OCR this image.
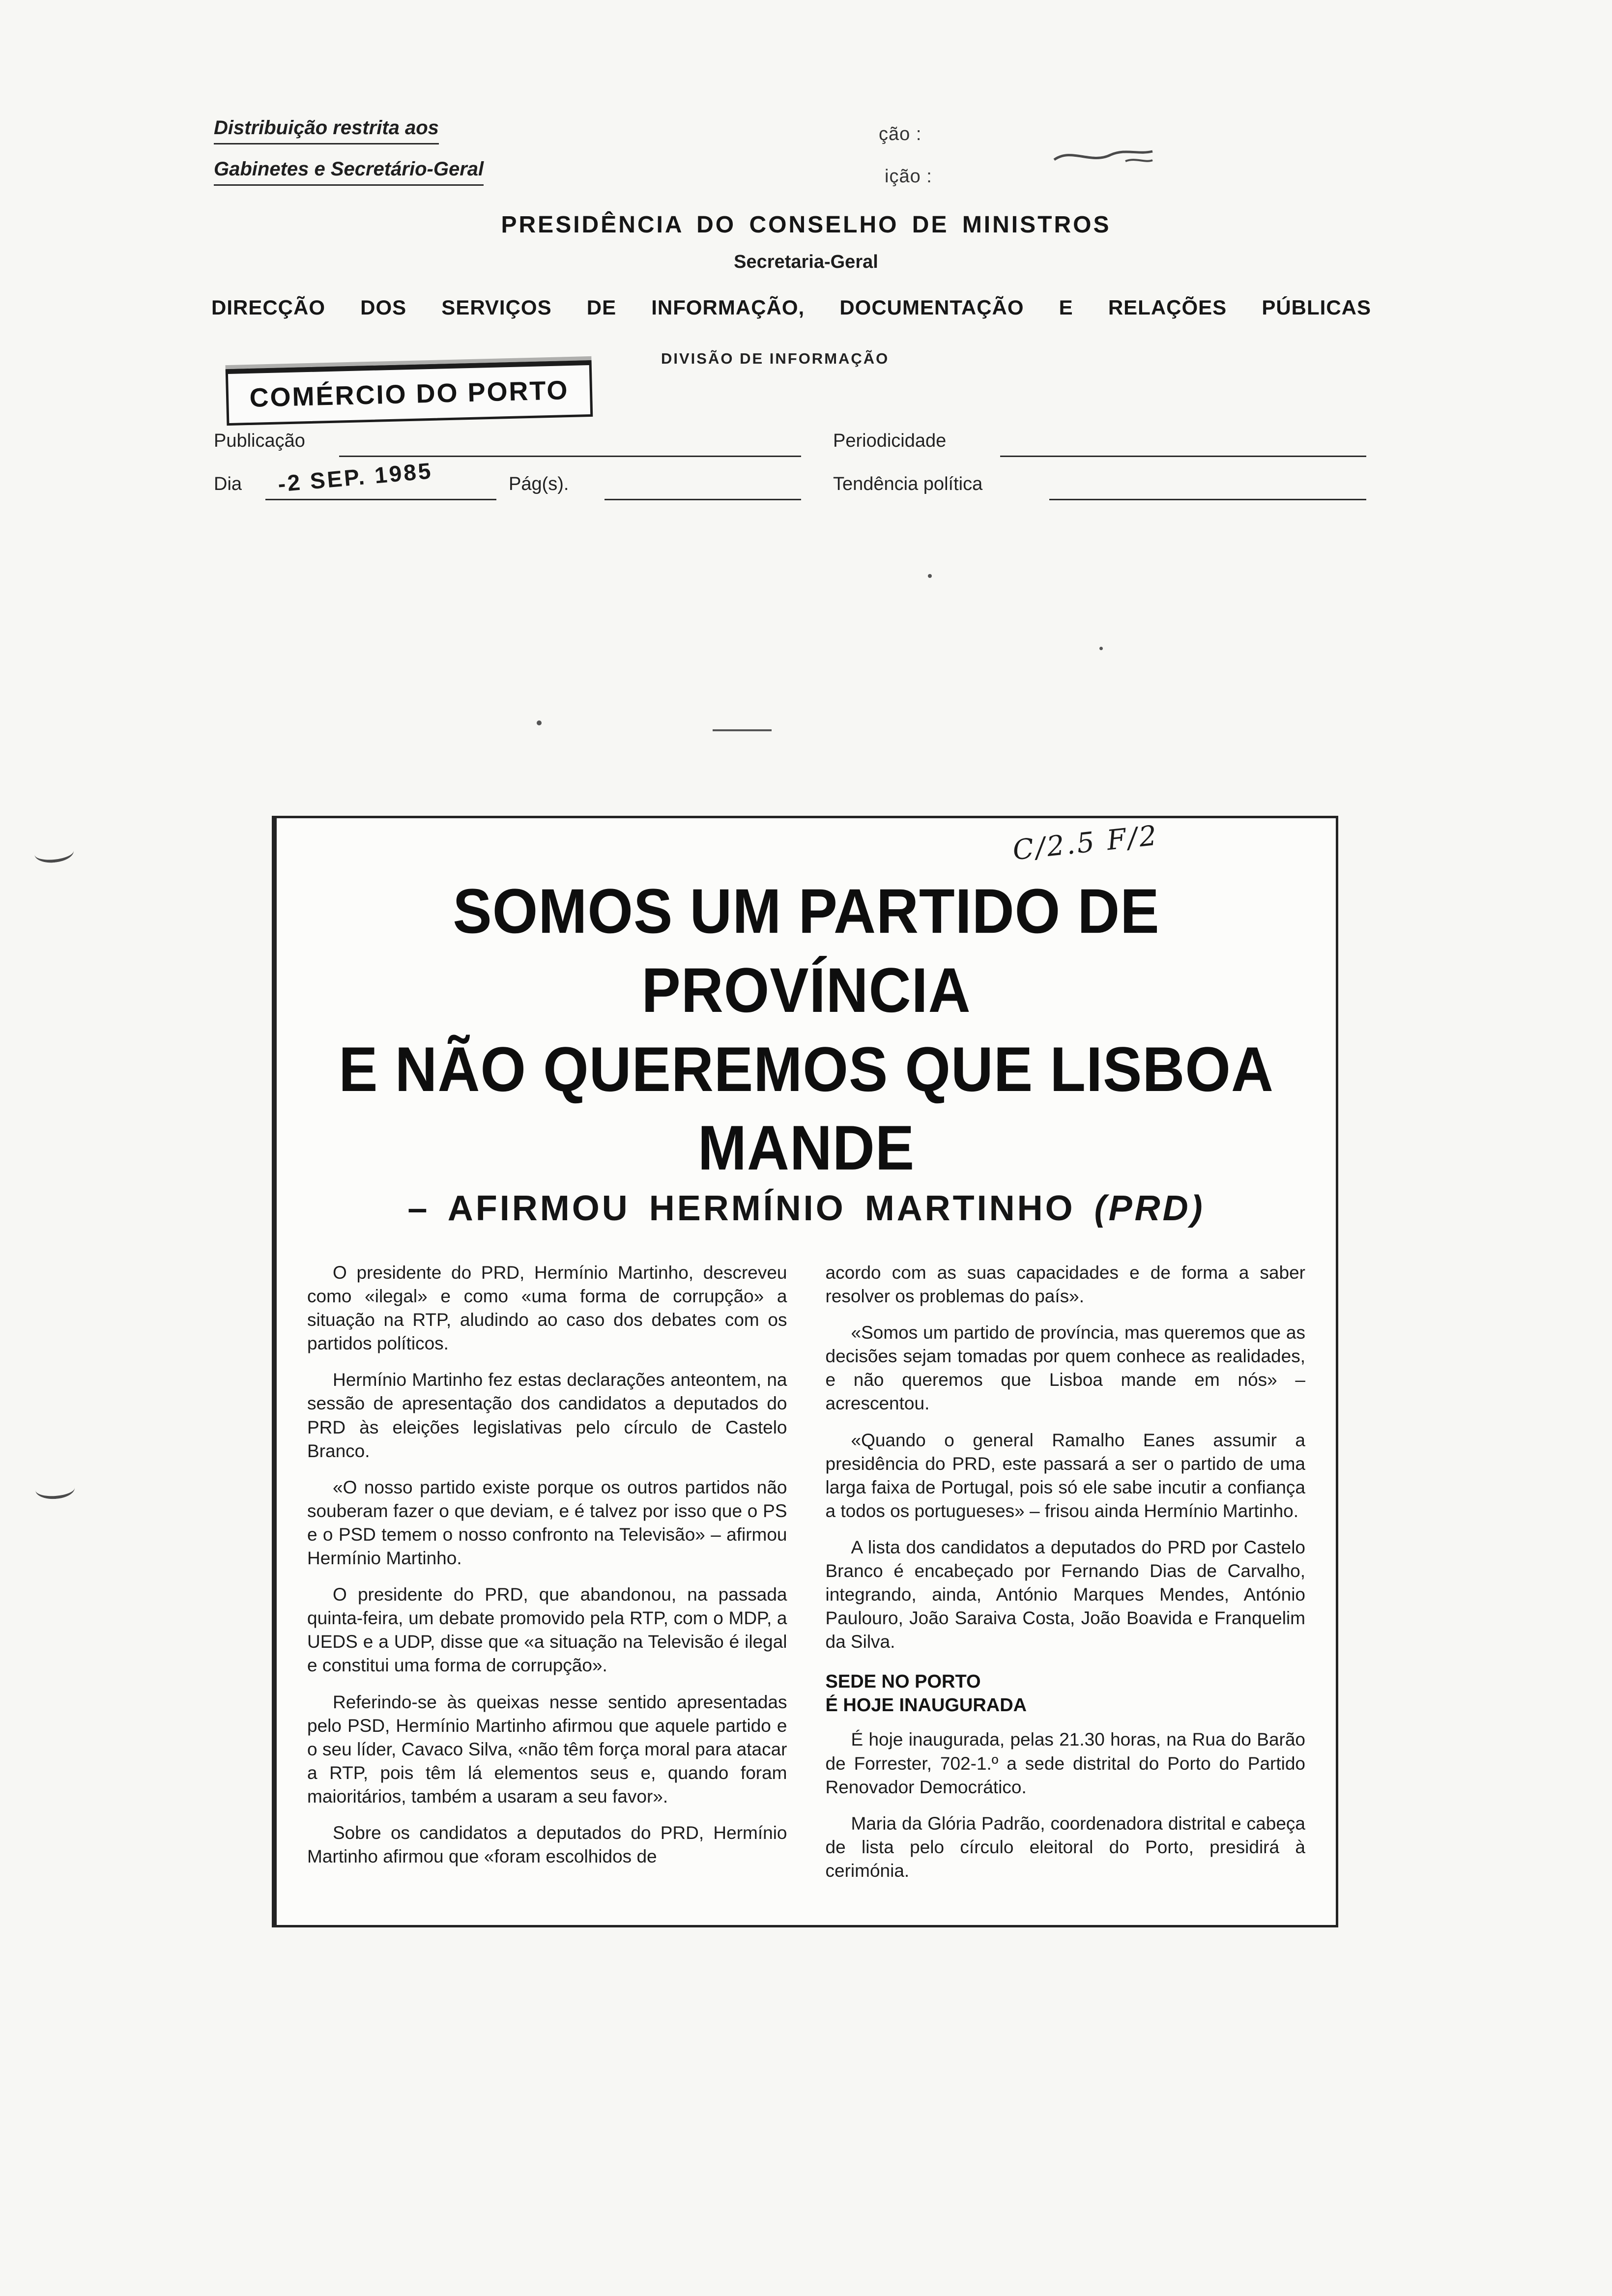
Distribuição restrita aos
Gabinetes e Secretário-Geral
ção :
ição :
PRESIDÊNCIA DO CONSELHO DE MINISTROS
Secretaria-Geral
DIRECÇÃO DOS SERVIÇOS DE INFORMAÇÃO, DOCUMENTAÇÃO E RELAÇÕES PÚBLICAS
DIVISÃO DE INFORMAÇÃO
COMÉRCIO DO PORTO
Publicação	Periodicidade
Dia -2 SEP. 1985	Pág(s).	Tendência política
C/2.5 F/2
SOMOS UM PARTIDO DE PROVÍNCIA
E NÃO QUEREMOS QUE LISBOA MANDE
– AFIRMOU HERMÍNIO MARTINHO (PRD)

O presidente do PRD, Hermínio Martinho, descreveu como «ilegal» e como «uma forma de corrupção» a situação na RTP, aludindo ao caso dos debates com os partidos políticos.

Hermínio Martinho fez estas declarações anteontem, na sessão de apresentação dos candidatos a deputados do PRD às eleições legislativas pelo círculo de Castelo Branco.

«O nosso partido existe porque os outros partidos não souberam fazer o que deviam, e é talvez por isso que o PS e o PSD temem o nosso confronto na Televisão» – afirmou Hermínio Martinho.

O presidente do PRD, que abandonou, na passada quinta-feira, um debate promovido pela RTP, com o MDP, a UEDS e a UDP, disse que «a situação na Televisão é ilegal e constitui uma forma de corrupção».

Referindo-se às queixas nesse sentido apresentadas pelo PSD, Hermínio Martinho afirmou que aquele partido e o seu líder, Cavaco Silva, «não têm força moral para atacar a RTP, pois têm lá elementos seus e, quando foram maioritários, também a usaram a seu favor».

Sobre os candidatos a deputados do PRD, Hermínio Martinho afirmou que «foram escolhidos de

acordo com as suas capacidades e de forma a saber resolver os problemas do país».

«Somos um partido de província, mas queremos que as decisões sejam tomadas por quem conhece as realidades, e não queremos que Lisboa mande em nós» – acrescentou.

«Quando o general Ramalho Eanes assumir a presidência do PRD, este passará a ser o partido de uma larga faixa de Portugal, pois só ele sabe incutir a confiança a todos os portugueses» – frisou ainda Hermínio Martinho.

A lista dos candidatos a deputados do PRD por Castelo Branco é encabeçado por Fernando Dias de Carvalho, integrando, ainda, António Marques Mendes, António Paulouro, João Saraiva Costa, João Boavida e Franquelim da Silva.

SEDE NO PORTO
É HOJE INAUGURADA

É hoje inaugurada, pelas 21.30 horas, na Rua do Barão de Forrester, 702-1.º a sede distrital do Porto do Partido Renovador Democrático.

Maria da Glória Padrão, coordenadora distrital e cabeça de lista pelo círculo eleitoral do Porto, presidirá à cerimónia.
